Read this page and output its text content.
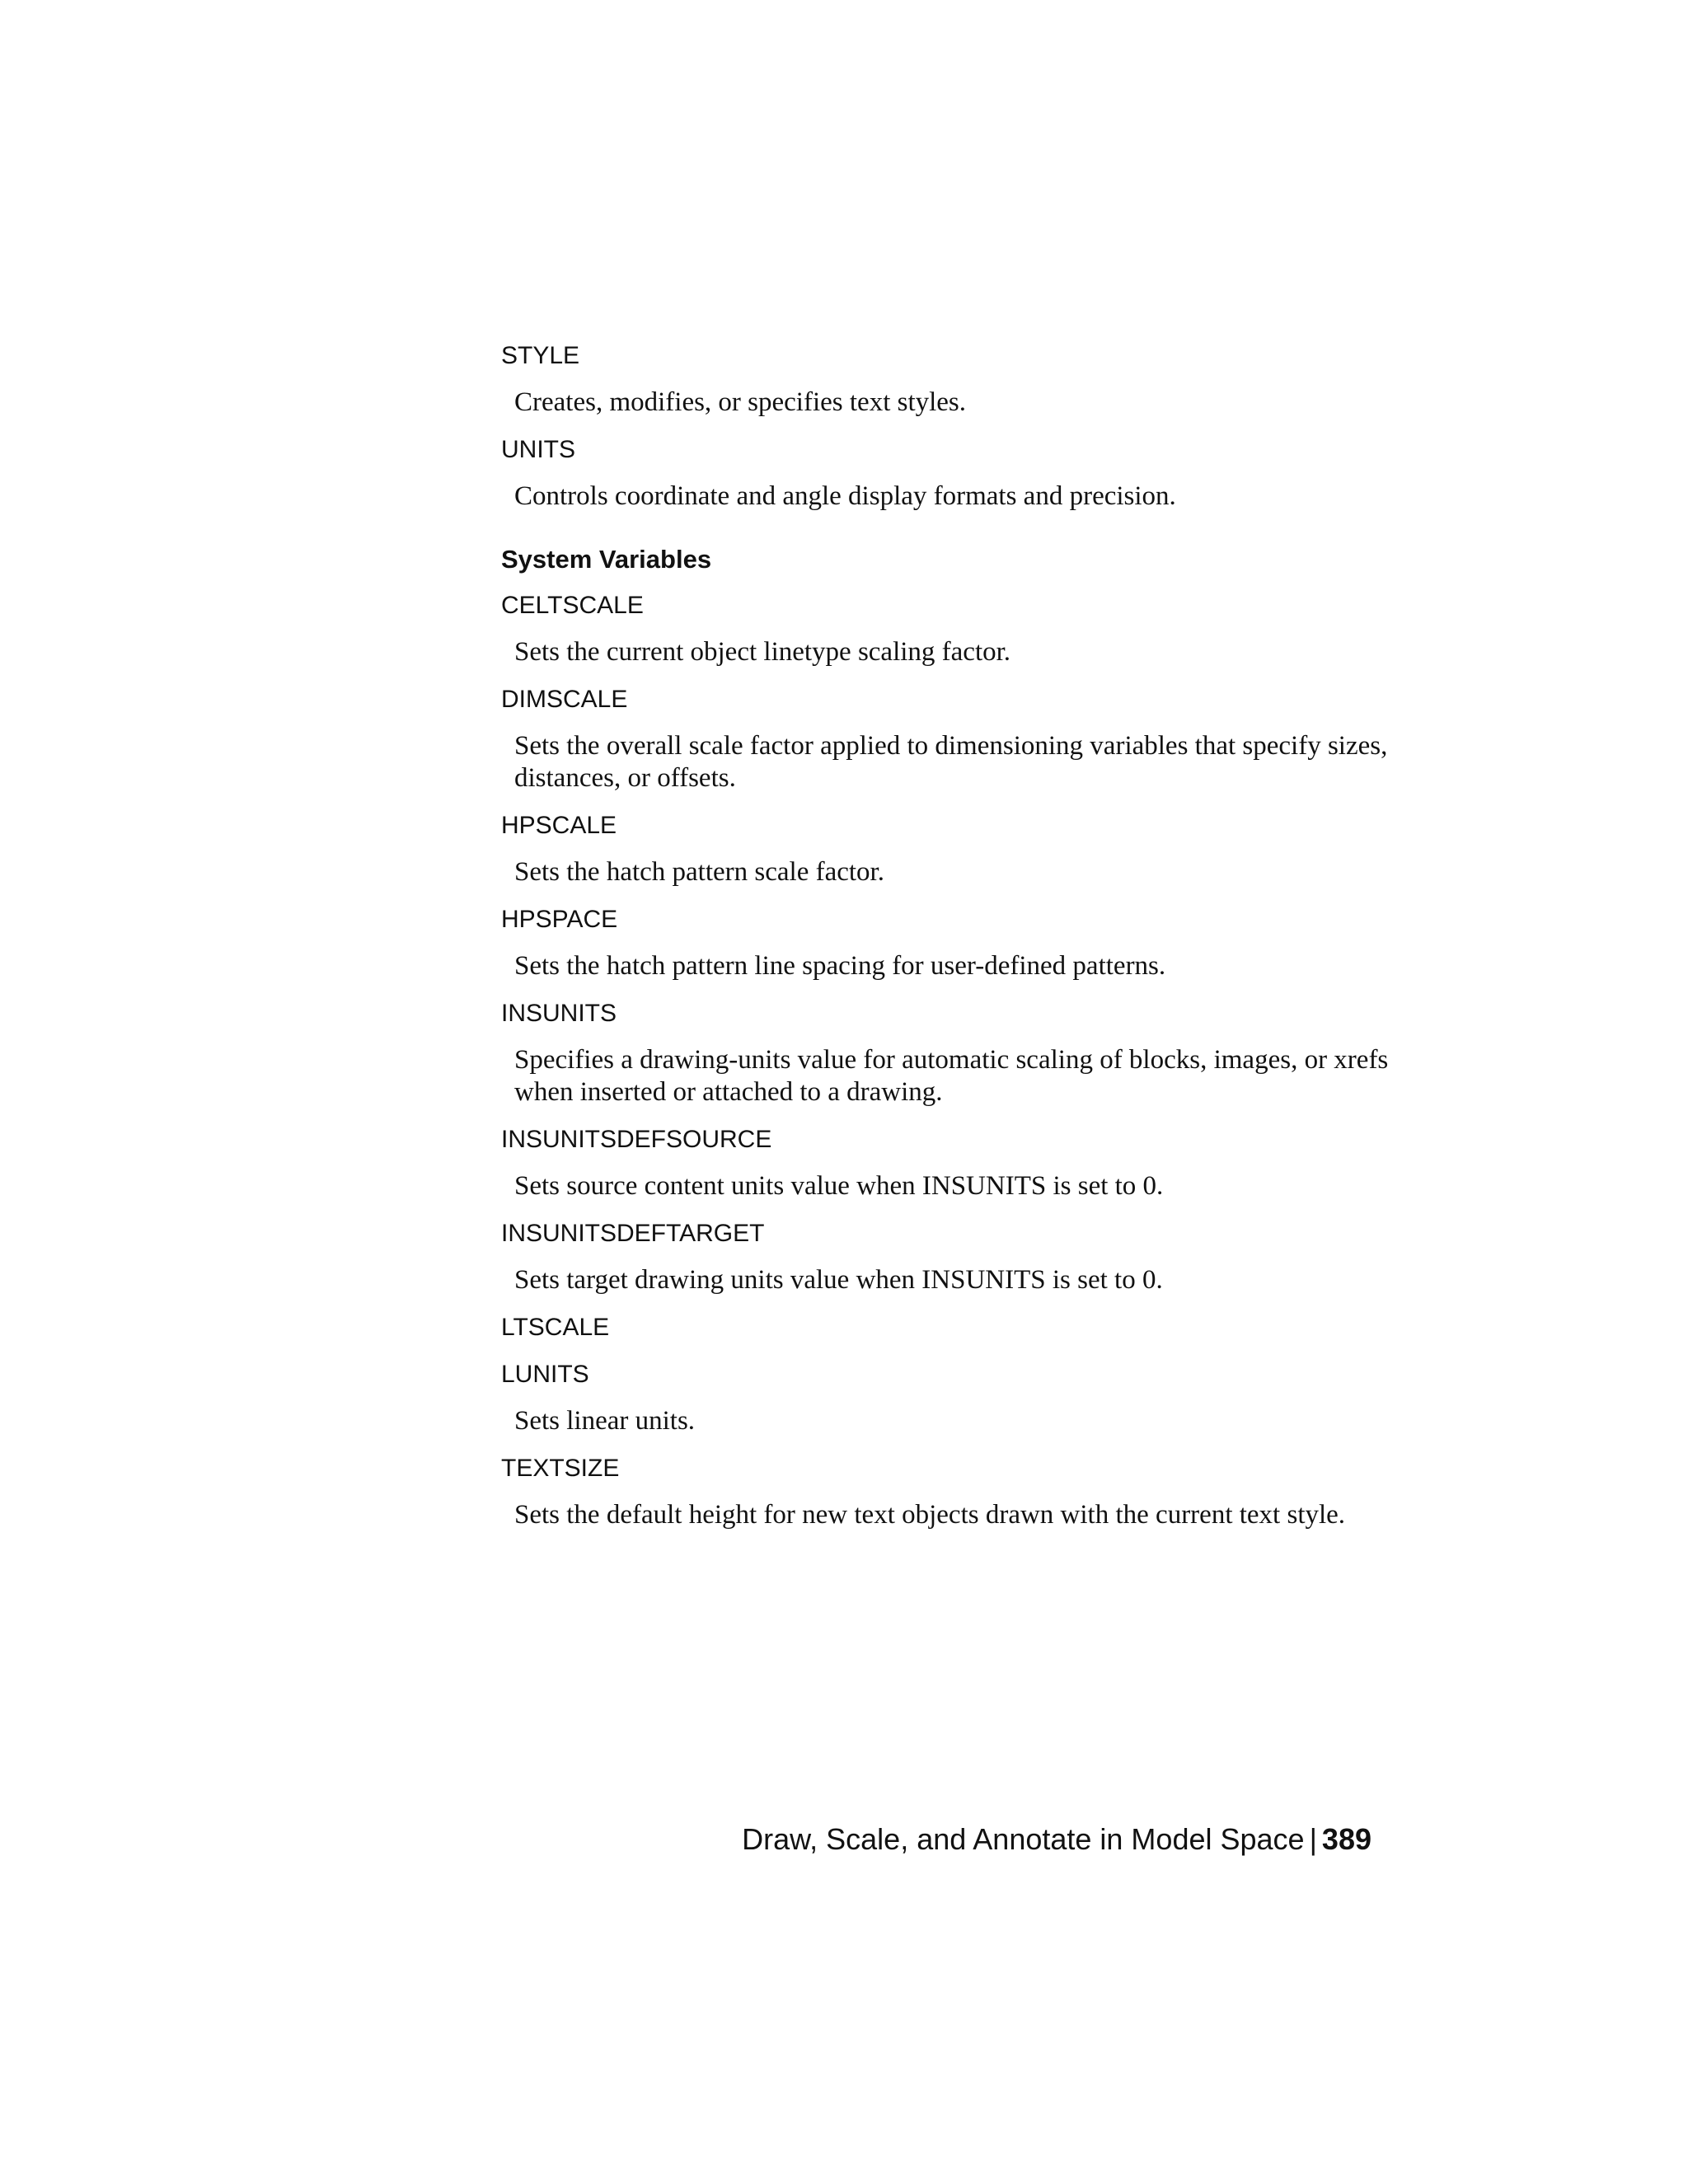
STYLE
Creates, modifies, or specifies text styles.
UNITS
Controls coordinate and angle display formats and precision.
System Variables
CELTSCALE
Sets the current object linetype scaling factor.
DIMSCALE
Sets the overall scale factor applied to dimensioning variables that specify sizes, distances, or offsets.
HPSCALE
Sets the hatch pattern scale factor.
HPSPACE
Sets the hatch pattern line spacing for user-defined patterns.
INSUNITS
Specifies a drawing-units value for automatic scaling of blocks, images, or xrefs when inserted or attached to a drawing.
INSUNITSDEFSOURCE
Sets source content units value when INSUNITS is set to 0.
INSUNITSDEFTARGET
Sets target drawing units value when INSUNITS is set to 0.
LTSCALE
LUNITS
Sets linear units.
TEXTSIZE
Sets the default height for new text objects drawn with the current text style.
Draw, Scale, and Annotate in Model Space | 389
